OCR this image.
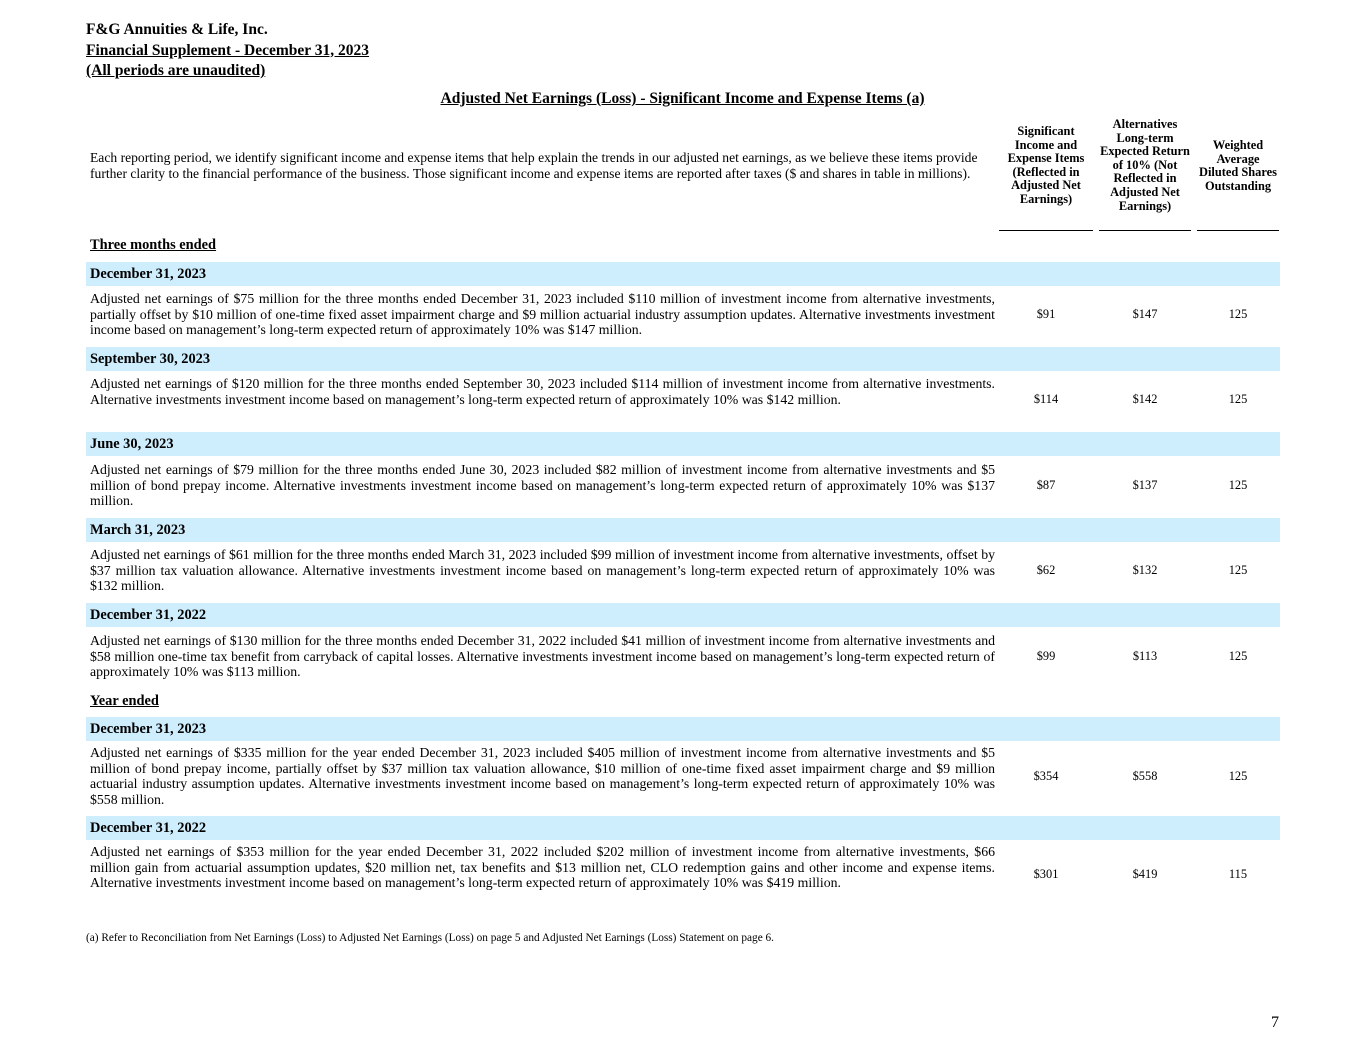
F&G Annuities & Life, Inc.
Financial Supplement - December 31, 2023
(All periods are unaudited)
Adjusted Net Earnings (Loss) - Significant Income and Expense Items (a)
Each reporting period, we identify significant income and expense items that help explain the trends in our adjusted net earnings, as we believe these items provide further clarity to the financial performance of the business. Those significant income and expense items are reported after taxes ($ and shares in table in millions).
Significant Income and Expense Items (Reflected in Adjusted Net Earnings)
Alternatives Long-term Expected Return of 10% (Not Reflected in Adjusted Net Earnings)
Weighted Average Diluted Shares Outstanding
Three months ended
December 31, 2023
Adjusted net earnings of $75 million for the three months ended December 31, 2023 included $110 million of investment income from alternative investments, partially offset by $10 million of one-time fixed asset impairment charge and $9 million actuarial industry assumption updates. Alternative investments investment income based on management’s long-term expected return of approximately 10% was $147 million.
$91	$147	125
September 30, 2023
Adjusted net earnings of $120 million for the three months ended September 30, 2023 included $114 million of investment income from alternative investments. Alternative investments investment income based on management’s long-term expected return of approximately 10% was $142 million.	$114	$142	125
June 30, 2023
Adjusted net earnings of $79 million for the three months ended June 30, 2023 included $82 million of investment income from alternative investments and $5 million of bond prepay income. Alternative investments investment income based on management’s long-term expected return of approximately 10% was $137 million.
$87	$137	125
March 31, 2023
Adjusted net earnings of $61 million for the three months ended March 31, 2023 included $99 million of investment income from alternative investments, offset by $37 million tax valuation allowance. Alternative investments investment income based on management’s long-term expected return of approximately 10% was $132 million.
$62	$132	125
December 31, 2022
Adjusted net earnings of $130 million for the three months ended December 31, 2022 included $41 million of investment income from alternative investments and $58 million one-time tax benefit from carryback of capital losses. Alternative investments investment income based on management’s long-term expected return of approximately 10% was $113 million.
$99	$113	125
Year ended
December 31, 2023
Adjusted net earnings of $335 million for the year ended December 31, 2023 included $405 million of investment income from alternative investments and $5 million of bond prepay income, partially offset by $37 million tax valuation allowance, $10 million of one-time fixed asset impairment charge and $9 million actuarial industry assumption updates. Alternative investments investment income based on management’s long-term expected return of approximately 10% was $558 million.
$354	$558	125
December 31, 2022
Adjusted net earnings of $353 million for the year ended December 31, 2022 included $202 million of investment income from alternative investments, $66 million gain from actuarial assumption updates, $20 million net, tax benefits and $13 million net, CLO redemption gains and other income and expense items. Alternative investments investment income based on management’s long-term expected return of approximately 10% was $419 million.
$301	$419	115
(a) Refer to Reconciliation from Net Earnings (Loss) to Adjusted Net Earnings (Loss) on page 5 and Adjusted Net Earnings (Loss) Statement on page 6.
7
